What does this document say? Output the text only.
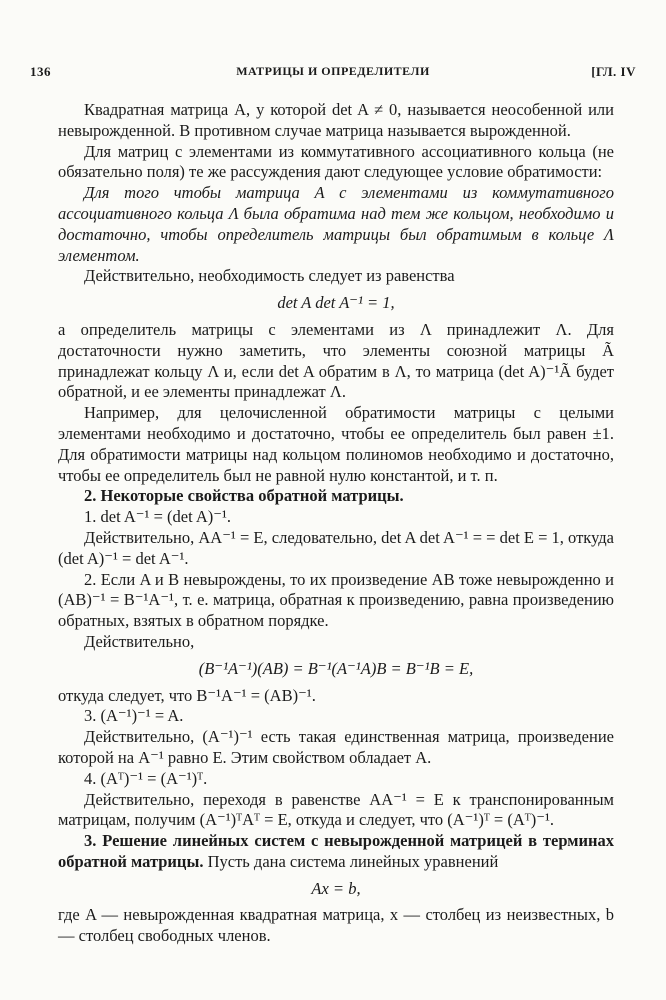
136	МАТРИЦЫ И ОПРЕДЕЛИТЕЛИ	[ГЛ. IV

Квадратная матрица A, у которой det A ≠ 0, называется неособенной или невырожденной. В противном случае матрица называется вырожденной.

Для матриц с элементами из коммутативного ассоциативного кольца (не обязательно поля) те же рассуждения дают следующее условие обратимости:

Для того чтобы матрица A с элементами из коммутативного ассоциативного кольца Λ была обратима над тем же кольцом, необходимо и достаточно, чтобы определитель матрицы был обратимым в кольце Λ элементом.

Действительно, необходимость следует из равенства

det A det A⁻¹ = 1,

а определитель матрицы с элементами из Λ принадлежит Λ. Для достаточности нужно заметить, что элементы союзной матрицы Ã принадлежат кольцу Λ и, если det A обратим в Λ, то матрица (det A)⁻¹Ã будет обратной, и ее элементы принадлежат Λ.

Например, для целочисленной обратимости матрицы с целыми элементами необходимо и достаточно, чтобы ее определитель был равен ±1. Для обратимости матрицы над кольцом полиномов необходимо и достаточно, чтобы ее определитель был не равной нулю константой, и т. п.

2. Некоторые свойства обратной матрицы.

1. det A⁻¹ = (det A)⁻¹.

Действительно, AA⁻¹ = E, следовательно, det A det A⁻¹ = = det E = 1, откуда (det A)⁻¹ = det A⁻¹.

2. Если A и B невырождены, то их произведение AB тоже невырожденно и (AB)⁻¹ = B⁻¹A⁻¹, т. е. матрица, обратная к произведению, равна произведению обратных, взятых в обратном порядке.

Действительно,

(B⁻¹A⁻¹)(AB) = B⁻¹(A⁻¹A)B = B⁻¹B = E,

откуда следует, что B⁻¹A⁻¹ = (AB)⁻¹.

3. (A⁻¹)⁻¹ = A.

Действительно, (A⁻¹)⁻¹ есть такая единственная матрица, произведение которой на A⁻¹ равно E. Этим свойством обладает A.

4. (Aᵀ)⁻¹ = (A⁻¹)ᵀ.

Действительно, переходя в равенстве AA⁻¹ = E к транспонированным матрицам, получим (A⁻¹)ᵀAᵀ = E, откуда и следует, что (A⁻¹)ᵀ = (Aᵀ)⁻¹.

3. Решение линейных систем с невырожденной матрицей в терминах обратной матрицы. Пусть дана система линейных уравнений

Ax = b,

где A — невырожденная квадратная матрица, x — столбец из неизвестных, b — столбец свободных членов.
